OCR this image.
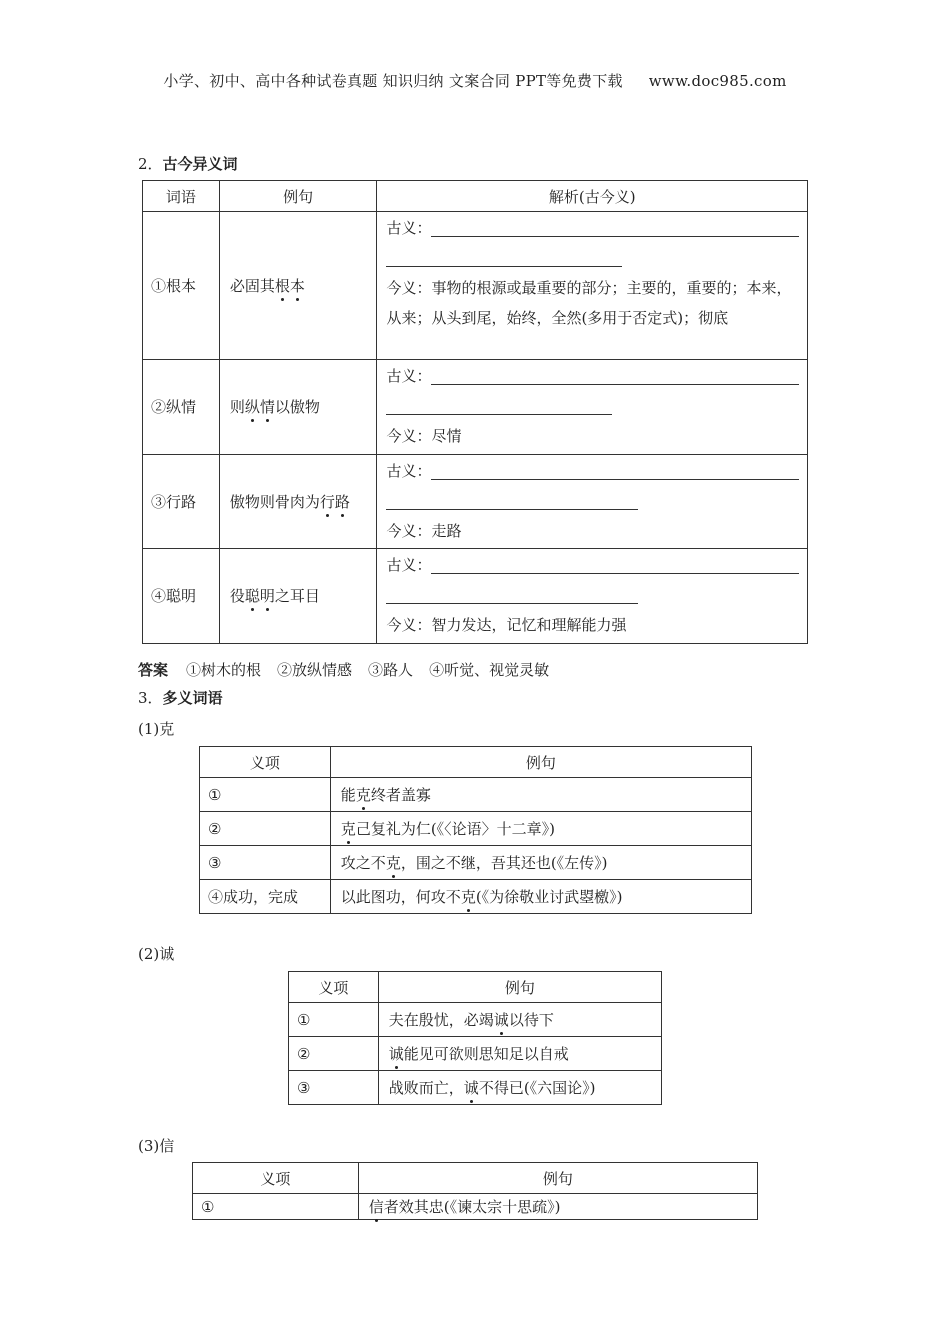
小学、初中、高中各种试卷真题 知识归纳 文案合同 PPT等免费下载 www.doc985.com
2．古今异义词
词语	例句	解析(古今义)
①根本	必固其根本	古义：
今义：事物的根源或最重要的部分；主要的，重要的；本来，从来；从头到尾，始终，全然(多用于否定式)；彻底

②纵情	则纵情以傲物	古义：
今义：尽情

③行路	傲物则骨肉为行路	古义：
今义：走路

④聪明	役聪明之耳目	古义：
今义：智力发达，记忆和理解能力强
答案 ①树木的根 ②放纵情感 ③路人 ④听觉、视觉灵敏
3．多义词语
(1)克
义项	例句
①	能克终者盖寡
②	克己复礼为仁(《〈论语〉十二章》)
③	攻之不克，围之不继，吾其还也(《左传》)
④成功，完成	以此图功，何攻不克(《为徐敬业讨武曌檄》)
(2)诚
义项	例句
①	夫在殷忧，必竭诚以待下
②	诚能见可欲则思知足以自戒
③	战败而亡，诚不得已(《六国论》)
(3)信
义项	例句
①	信者效其忠(《谏太宗十思疏》)
